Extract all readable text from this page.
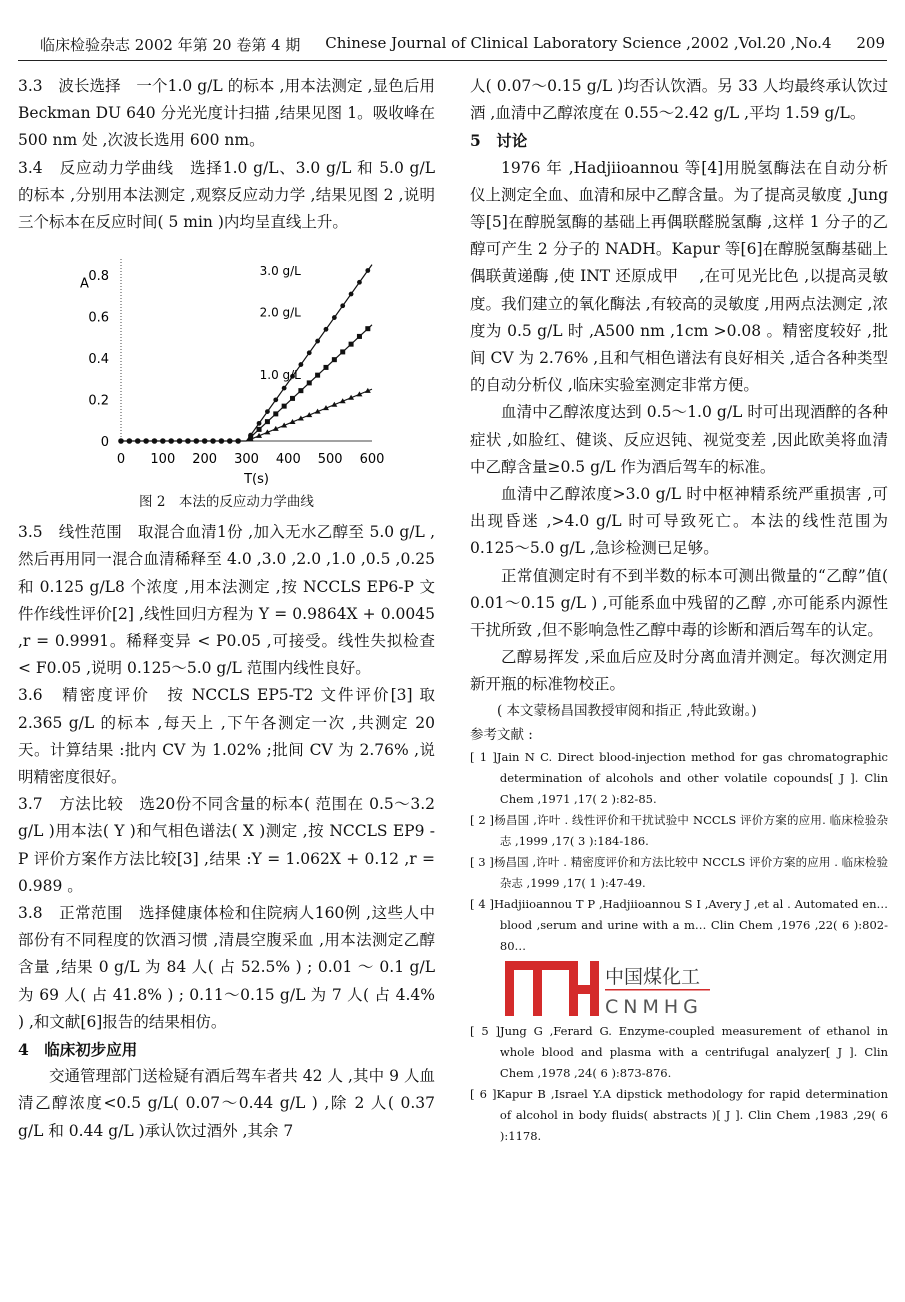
临床检验杂志 2002 年第 20 卷第 4 期 Chinese Journal of Clinical Laboratory Science ,2002 ,Vol.20 ,No.4 209

3.3　波长选择　一个1.0 g/L 的标本 ,用本法测定 ,显色后用 Beckman DU 640 分光光度计扫描 ,结果见图 1。吸收峰在 500 nm 处 ,次波长选用 600 nm。

3.4　反应动力学曲线　选择1.0 g/L、3.0 g/L 和 5.0 g/L 的标本 ,分别用本法测定 ,观察反应动力学 ,结果见图 2 ,说明三个标本在反应时间( 5 min )内均呈直线上升。

0 100 200 300 400 500 600
0
0.2
0.4
0.6
0.8
T(s)
A
3.0 g/L
2.0 g/L
1.0 g/L
图 2　本法的反应动力学曲线

3.5　线性范围　取混合血清1份 ,加入无水乙醇至 5.0 g/L ,然后再用同一混合血清稀释至 4.0 ,3.0 ,2.0 ,1.0 ,0.5 ,0.25 和 0.125 g/L8 个浓度 ,用本法测定 ,按 NCCLS EP6-P 文件作线性评价[2] ,线性回归方程为 Y = 0.9864X + 0.0045 ,r = 0.9991。稀释变异 < P0.05 ,可接受。线性失拟检查 < F0.05 ,说明 0.125～5.0 g/L 范围内线性良好。

3.6　精密度评价　按 NCCLS EP5-T2 文件评价[3] 取 2.365 g/L 的标本 ,每天上 ,下午各测定一次 ,共测定 20 天。计算结果 :批内 CV 为 1.02% ;批间 CV 为 2.76% ,说明精密度很好。

3.7　方法比较　选20份不同含量的标本( 范围在 0.5～3.2 g/L )用本法( Y )和气相色谱法( X )测定 ,按 NCCLS EP9 - P 评价方案作方法比较[3] ,结果 :Y = 1.062X + 0.12 ,r = 0.989 。

3.8　正常范围　选择健康体检和住院病人160例 ,这些人中部份有不同程度的饮酒习惯 ,清晨空腹采血 ,用本法测定乙醇含量 ,结果 0 g/L 为 84 人( 占 52.5% ) ; 0.01 ～ 0.1 g/L 为 69 人( 占 41.8% ) ; 0.11～0.15 g/L 为 7 人( 占 4.4% ) ,和文献[6]报告的结果相仿。

4　临床初步应用

交通管理部门送检疑有酒后驾车者共 42 人 ,其中 9 人血清乙醇浓度<0.5 g/L( 0.07～0.44 g/L ) ,除 2 人( 0.37 g/L 和 0.44 g/L )承认饮过酒外 ,其余 7

人( 0.07～0.15 g/L )均否认饮酒。另 33 人均最终承认饮过酒 ,血清中乙醇浓度在 0.55～2.42 g/L ,平均 1.59 g/L。

5　讨论

1976 年 ,Hadjiioannou 等[4]用脱氢酶法在自动分析仪上测定全血、血清和尿中乙醇含量。为了提高灵敏度 ,Jung 等[5]在醇脱氢酶的基础上再偶联醛脱氢酶 ,这样 1 分子的乙醇可产生 2 分子的 NADH。Kapur 等[6]在醇脱氢酶基础上偶联黄递酶 ,使 INT 还原成甲　 ,在可见光比色 ,以提高灵敏度。我们建立的氧化酶法 ,有较高的灵敏度 ,用两点法测定 ,浓度为 0.5 g/L 时 ,A500 nm ,1cm >0.08 。精密度较好 ,批间 CV 为 2.76% ,且和气相色谱法有良好相关 ,适合各种类型的自动分析仪 ,临床实验室测定非常方便。

血清中乙醇浓度达到 0.5～1.0 g/L 时可出现酒醉的各种症状 ,如脸红、健谈、反应迟钝、视觉变差 ,因此欧美将血清中乙醇含量≥0.5 g/L 作为酒后驾车的标准。

血清中乙醇浓度>3.0 g/L 时中枢神精系统严重损害 ,可出现昏迷 ,>4.0 g/L 时可导致死亡。本法的线性范围为 0.125～5.0 g/L ,急诊检测已足够。

正常值测定时有不到半数的标本可测出微量的“乙醇”值( 0.01～0.15 g/L ) ,可能系血中残留的乙醇 ,亦可能系内源性干扰所致 ,但不影响急性乙醇中毒的诊断和酒后驾车的认定。

乙醇易挥发 ,采血后应及时分离血清并测定。每次测定用新开瓶的标准物校正。

( 本文蒙杨昌国教授审阅和指正 ,特此致谢。)

参考文献 :

[ 1 ]Jain N C. Direct blood-injection method for gas chromatographic determination of alcohols and other volatile copounds[ J ]. Clin Chem ,1971 ,17( 2 ):82-85.

[ 2 ]杨昌国 ,许叶 . 线性评价和干扰试验中 NCCLS 评价方案的应用. 临床检验杂志 ,1999 ,17( 3 ):184-186.

[ 3 ]杨昌国 ,许叶 . 精密度评价和方法比较中 NCCLS 评价方案的应用 . 临床检验杂志 ,1999 ,17( 1 ):47-49.

[ 4 ]Hadjiioannou T P ,Hadjiioannou S I ,Avery J ,et al . Automated en… blood ,serum and urine with a m… Clin Chem ,1976 ,22( 6 ):802-80…

中国煤化工
CNMHG

[ 5 ]Jung G ,Ferard G. Enzyme-coupled measurement of ethanol in whole blood and plasma with a centrifugal analyzer[ J ]. Clin Chem ,1978 ,24( 6 ):873-876.

[ 6 ]Kapur B ,Israel Y.A dipstick methodology for rapid determination of alcohol in body fluids( abstracts )[ J ]. Clin Chem ,1983 ,29( 6 ):1178.
